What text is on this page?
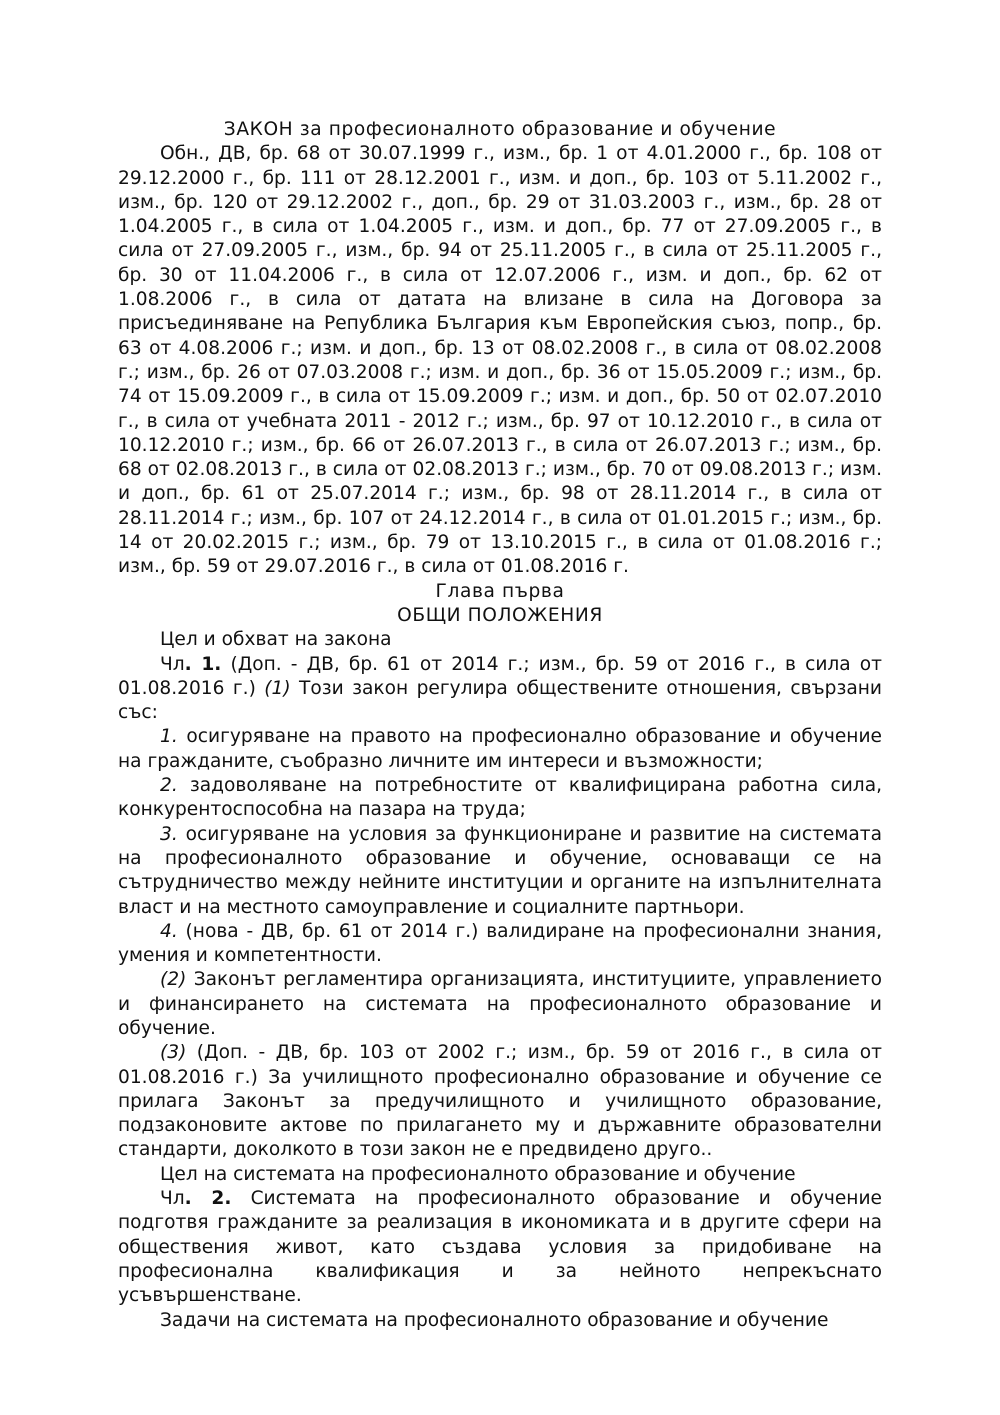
ЗАКОН за професионалното образование и обучение

Обн., ДВ, бр. 68 от 30.07.1999 г., изм., бр. 1 от 4.01.2000 г., бр. 108 от 29.12.2000 г., бр. 111 от 28.12.2001 г., изм. и доп., бр. 103 от 5.11.2002 г., изм., бр. 120 от 29.12.2002 г., доп., бр. 29 от 31.03.2003 г., изм., бр. 28 от 1.04.2005 г., в сила от 1.04.2005 г., изм. и доп., бр. 77 от 27.09.2005 г., в сила от 27.09.2005 г., изм., бр. 94 от 25.11.2005 г., в сила от 25.11.2005 г., бр. 30 от 11.04.2006 г., в сила от 12.07.2006 г., изм. и доп., бр. 62 от 1.08.2006 г., в сила от датата на влизане в сила на Договора за присъединяване на Република България към Европейския съюз, попр., бр. 63 от 4.08.2006 г.; изм. и доп., бр. 13 от 08.02.2008 г., в сила от 08.02.2008 г.; изм., бр. 26 от 07.03.2008 г.; изм. и доп., бр. 36 от 15.05.2009 г.; изм., бр. 74 от 15.09.2009 г., в сила от 15.09.2009 г.; изм. и доп., бр. 50 от 02.07.2010 г., в сила от учебната 2011 - 2012 г.; изм., бр. 97 от 10.12.2010 г., в сила от 10.12.2010 г.; изм., бр. 66 от 26.07.2013 г., в сила от 26.07.2013 г.; изм., бр. 68 от 02.08.2013 г., в сила от 02.08.2013 г.; изм., бр. 70 от 09.08.2013 г.; изм. и доп., бр. 61 от 25.07.2014 г.; изм., бр. 98 от 28.11.2014 г., в сила от 28.11.2014 г.; изм., бр. 107 от 24.12.2014 г., в сила от 01.01.2015 г.; изм., бр. 14 от 20.02.2015 г.; изм., бр. 79 от 13.10.2015 г., в сила от 01.08.2016 г.; изм., бр. 59 от 29.07.2016 г., в сила от 01.08.2016 г.

Глава първа
ОБЩИ ПОЛОЖЕНИЯ

Цел и обхват на закона

Чл. 1. (Доп. - ДВ, бр. 61 от 2014 г.; изм., бр. 59 от 2016 г., в сила от 01.08.2016 г.) (1) Този закон регулира обществените отношения, свързани със:

1. осигуряване на правото на професионално образование и обучение на гражданите, съобразно личните им интереси и възможности;

2. задоволяване на потребностите от квалифицирана работна сила, конкурентоспособна на пазара на труда;

3. осигуряване на условия за функциониране и развитие на системата на професионалното образование и обучение, основаващи се на сътрудничество между нейните институции и органите на изпълнителната власт и на местното самоуправление и социалните партньори.

4. (нова - ДВ, бр. 61 от 2014 г.) валидиране на професионални знания, умения и компетентности.

(2) Законът регламентира организацията, институциите, управлението и финансирането на системата на професионалното образование и обучение.

(3) (Доп. - ДВ, бр. 103 от 2002 г.; изм., бр. 59 от 2016 г., в сила от 01.08.2016 г.) За училищното професионално образование и обучение се прилага Законът за предучилищното и училищното образование, подзаконовите актове по прилагането му и държавните образователни стандарти, доколкото в този закон не е предвидено друго..

Цел на системата на професионалното образование и обучение

Чл. 2. Системата на професионалното образование и обучение подготвя гражданите за реализация в икономиката и в другите сфери на обществения живот, като създава условия за придобиване на професионална квалификация и за нейното непрекъснато усъвършенстване.

Задачи на системата на професионалното образование и обучение
